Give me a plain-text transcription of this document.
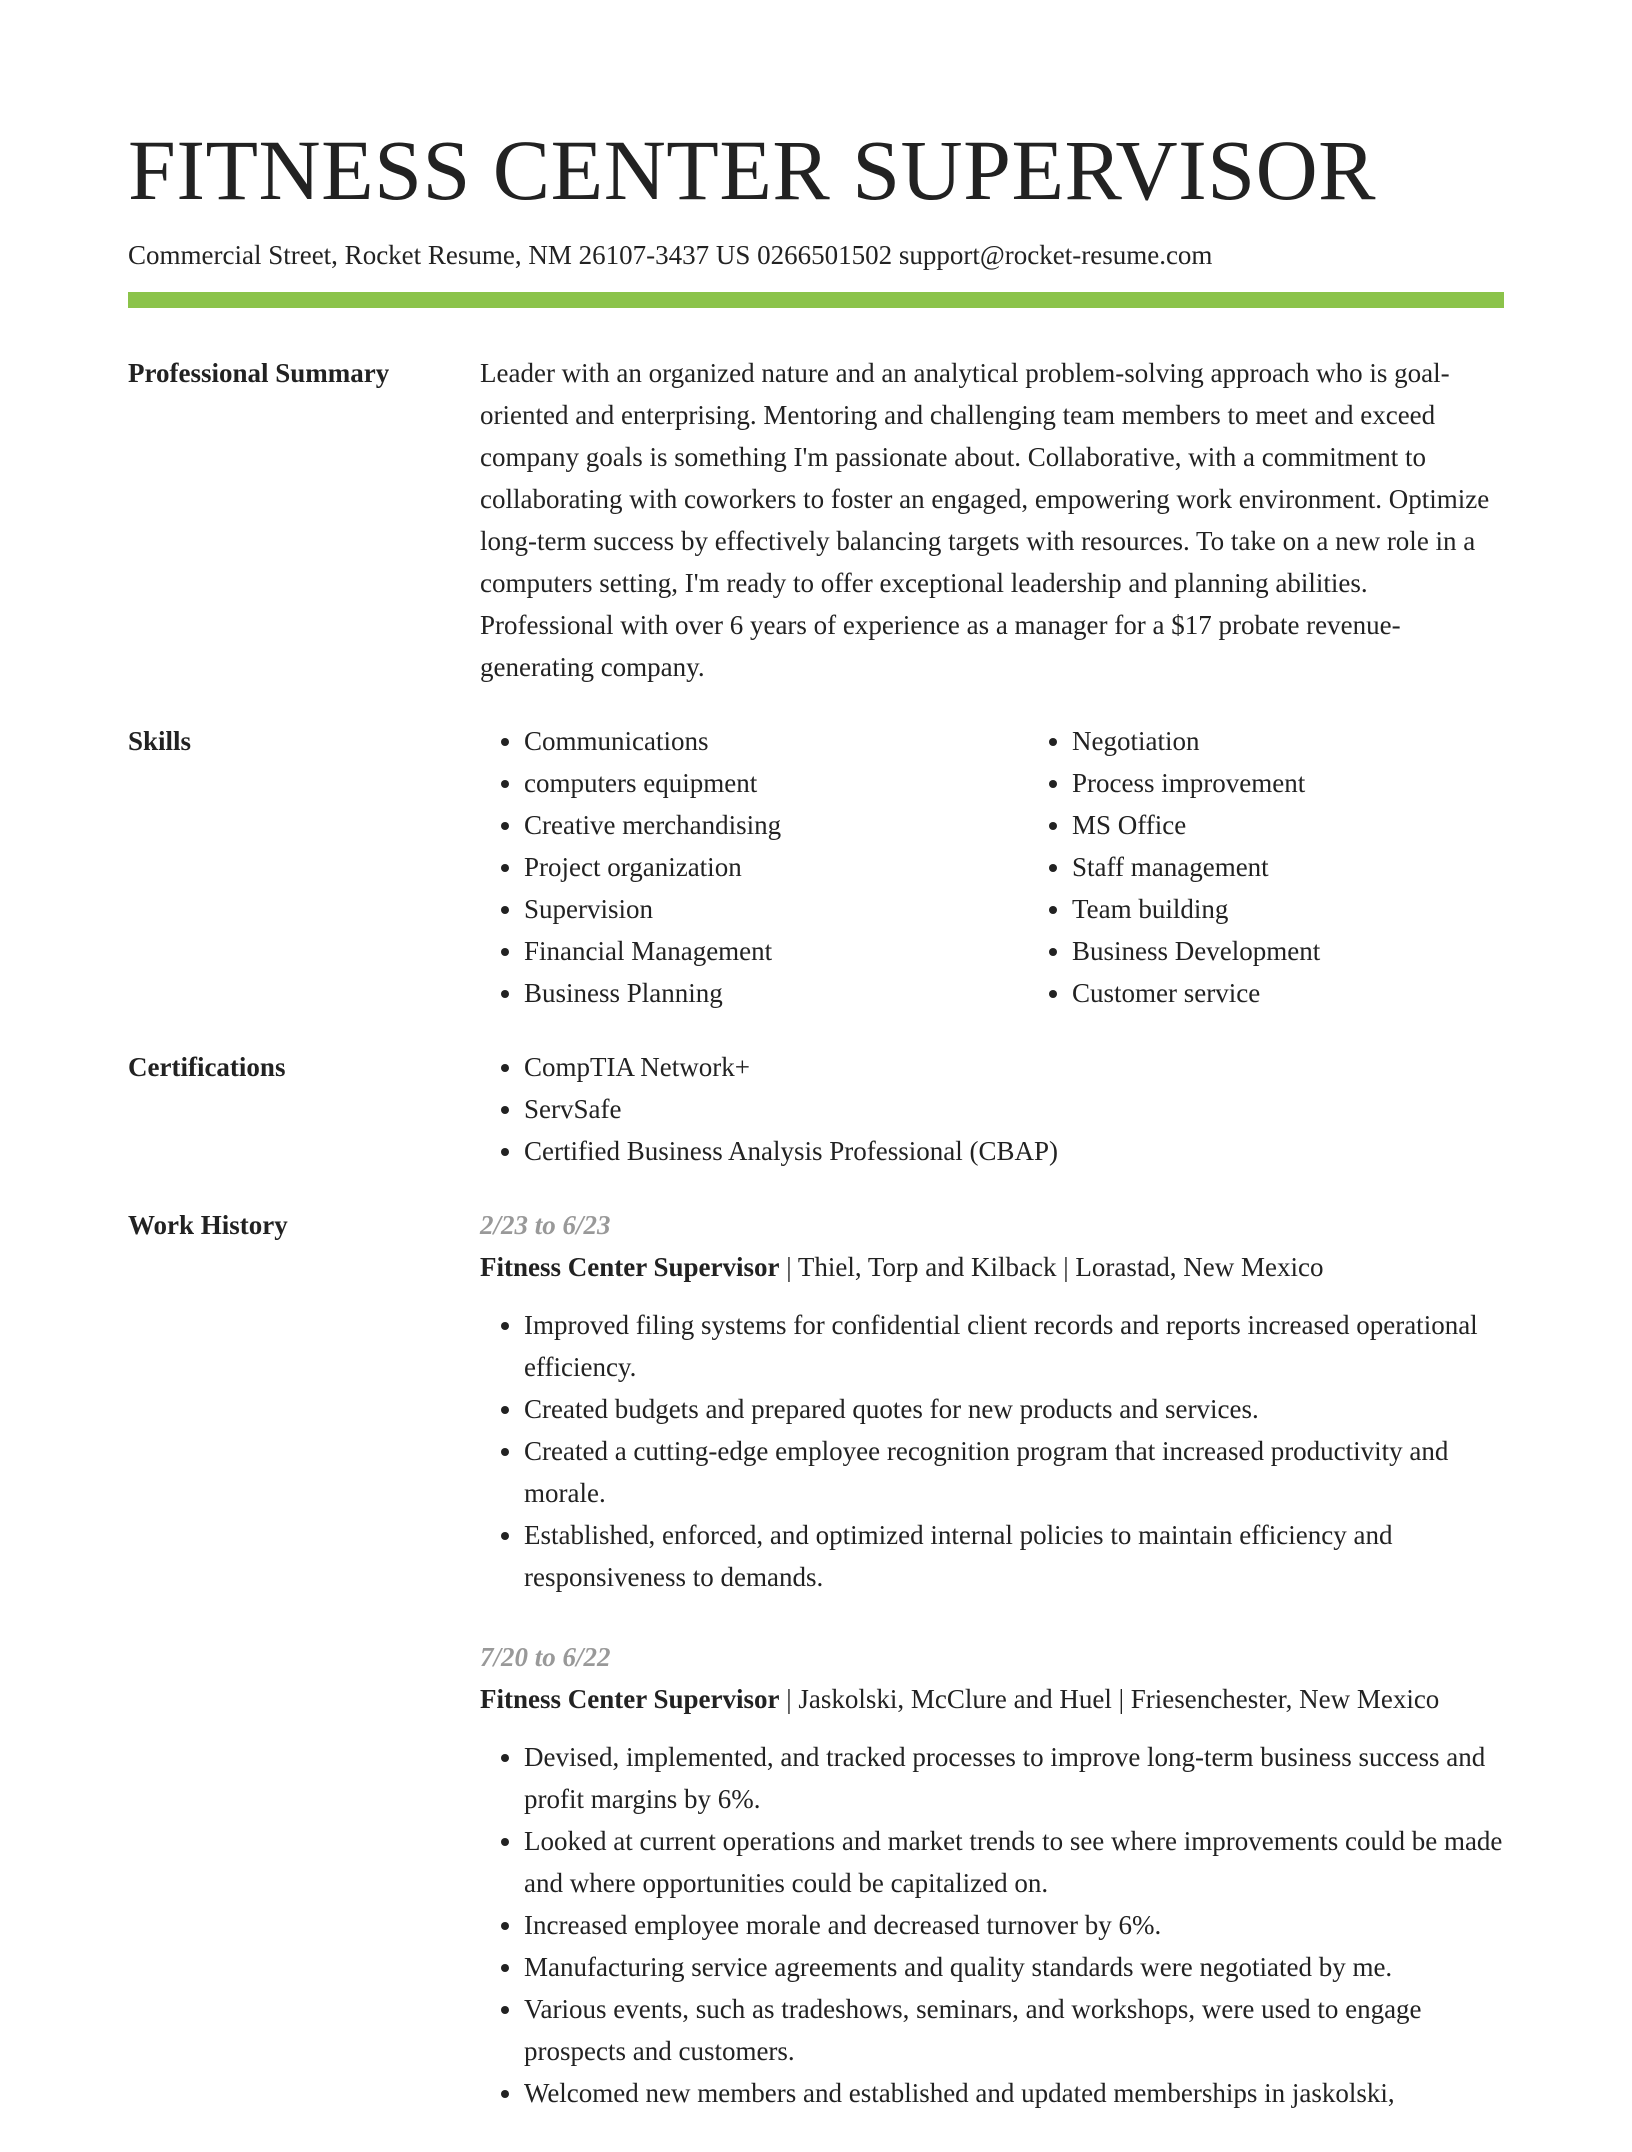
FITNESS CENTER SUPERVISOR
Commercial Street, Rocket Resume, NM 26107-3437 US 0266501502 support@rocket-resume.com
Professional Summary	Leader with an organized nature and an analytical problem-solving approach who is goal-oriented and enterprising. Mentoring and challenging team members to meet and exceed company goals is something I'm passionate about. Collaborative, with a commitment to collaborating with coworkers to foster an engaged, empowering work environment. Optimize long-term success by effectively balancing targets with resources. To take on a new role in a computers setting, I'm ready to offer exceptional leadership and planning abilities. Professional with over 6 years of experience as a manager for a $17 probate revenue-generating company.
Skills	• Communications
• computers equipment
• Creative merchandising
• Project organization
• Supervision
• Financial Management
• Business Planning
• Negotiation
• Process improvement
• MS Office
• Staff management
• Team building
• Business Development
• Customer service
Certifications	• CompTIA Network+
• ServSafe
• Certified Business Analysis Professional (CBAP)
Work History	2/23 to 6/23
Fitness Center Supervisor | Thiel, Torp and Kilback | Lorastad, New Mexico
• Improved filing systems for confidential client records and reports increased operational efficiency.
• Created budgets and prepared quotes for new products and services.
• Created a cutting-edge employee recognition program that increased productivity and morale.
• Established, enforced, and optimized internal policies to maintain efficiency and responsiveness to demands.
7/20 to 6/22
Fitness Center Supervisor | Jaskolski, McClure and Huel | Friesenchester, New Mexico
• Devised, implemented, and tracked processes to improve long-term business success and profit margins by 6%.
• Looked at current operations and market trends to see where improvements could be made and where opportunities could be capitalized on.
• Increased employee morale and decreased turnover by 6%.
• Manufacturing service agreements and quality standards were negotiated by me.
• Various events, such as tradeshows, seminars, and workshops, were used to engage prospects and customers.
• Welcomed new members and established and updated memberships in jaskolski,
